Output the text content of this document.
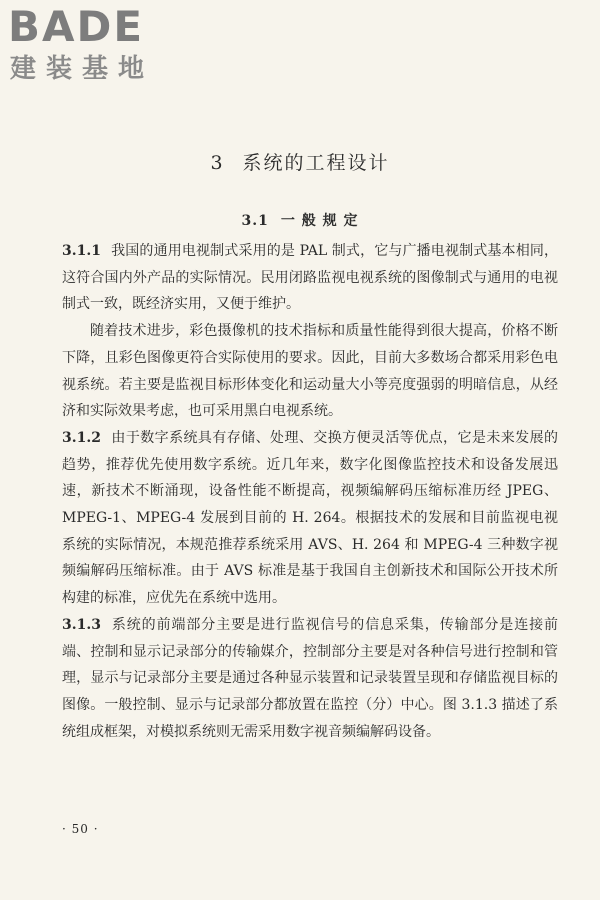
BADE
建装基地
3 系统的工程设计
3.1 一 般 规 定

3.1.1 我国的通用电视制式采用的是 PAL 制式，它与广播电视制式基本相同，这符合国内外产品的实际情况。民用闭路监视电视系统的图像制式与通用的电视制式一致，既经济实用，又便于维护。

随着技术进步，彩色摄像机的技术指标和质量性能得到很大提高，价格不断下降，且彩色图像更符合实际使用的要求。因此，目前大多数场合都采用彩色电视系统。若主要是监视目标形体变化和运动量大小等亮度强弱的明暗信息，从经济和实际效果考虑，也可采用黑白电视系统。

3.1.2 由于数字系统具有存储、处理、交换方便灵活等优点，它是未来发展的趋势，推荐优先使用数字系统。近几年来，数字化图像监控技术和设备发展迅速，新技术不断涌现，设备性能不断提高，视频编解码压缩标准历经 JPEG、MPEG-1、MPEG-4 发展到目前的 H. 264。根据技术的发展和目前监视电视系统的实际情况，本规范推荐系统采用 AVS、H. 264 和 MPEG-4 三种数字视频编解码压缩标准。由于 AVS 标准是基于我国自主创新技术和国际公开技术所构建的标准，应优先在系统中选用。

3.1.3 系统的前端部分主要是进行监视信号的信息采集，传输部分是连接前端、控制和显示记录部分的传输媒介，控制部分主要是对各种信号进行控制和管理，显示与记录部分主要是通过各种显示装置和记录装置呈现和存储监视目标的图像。一般控制、显示与记录部分都放置在监控（分）中心。图 3.1.3 描述了系统组成框架，对模拟系统则无需采用数字视音频编解码设备。

· 50 ·
